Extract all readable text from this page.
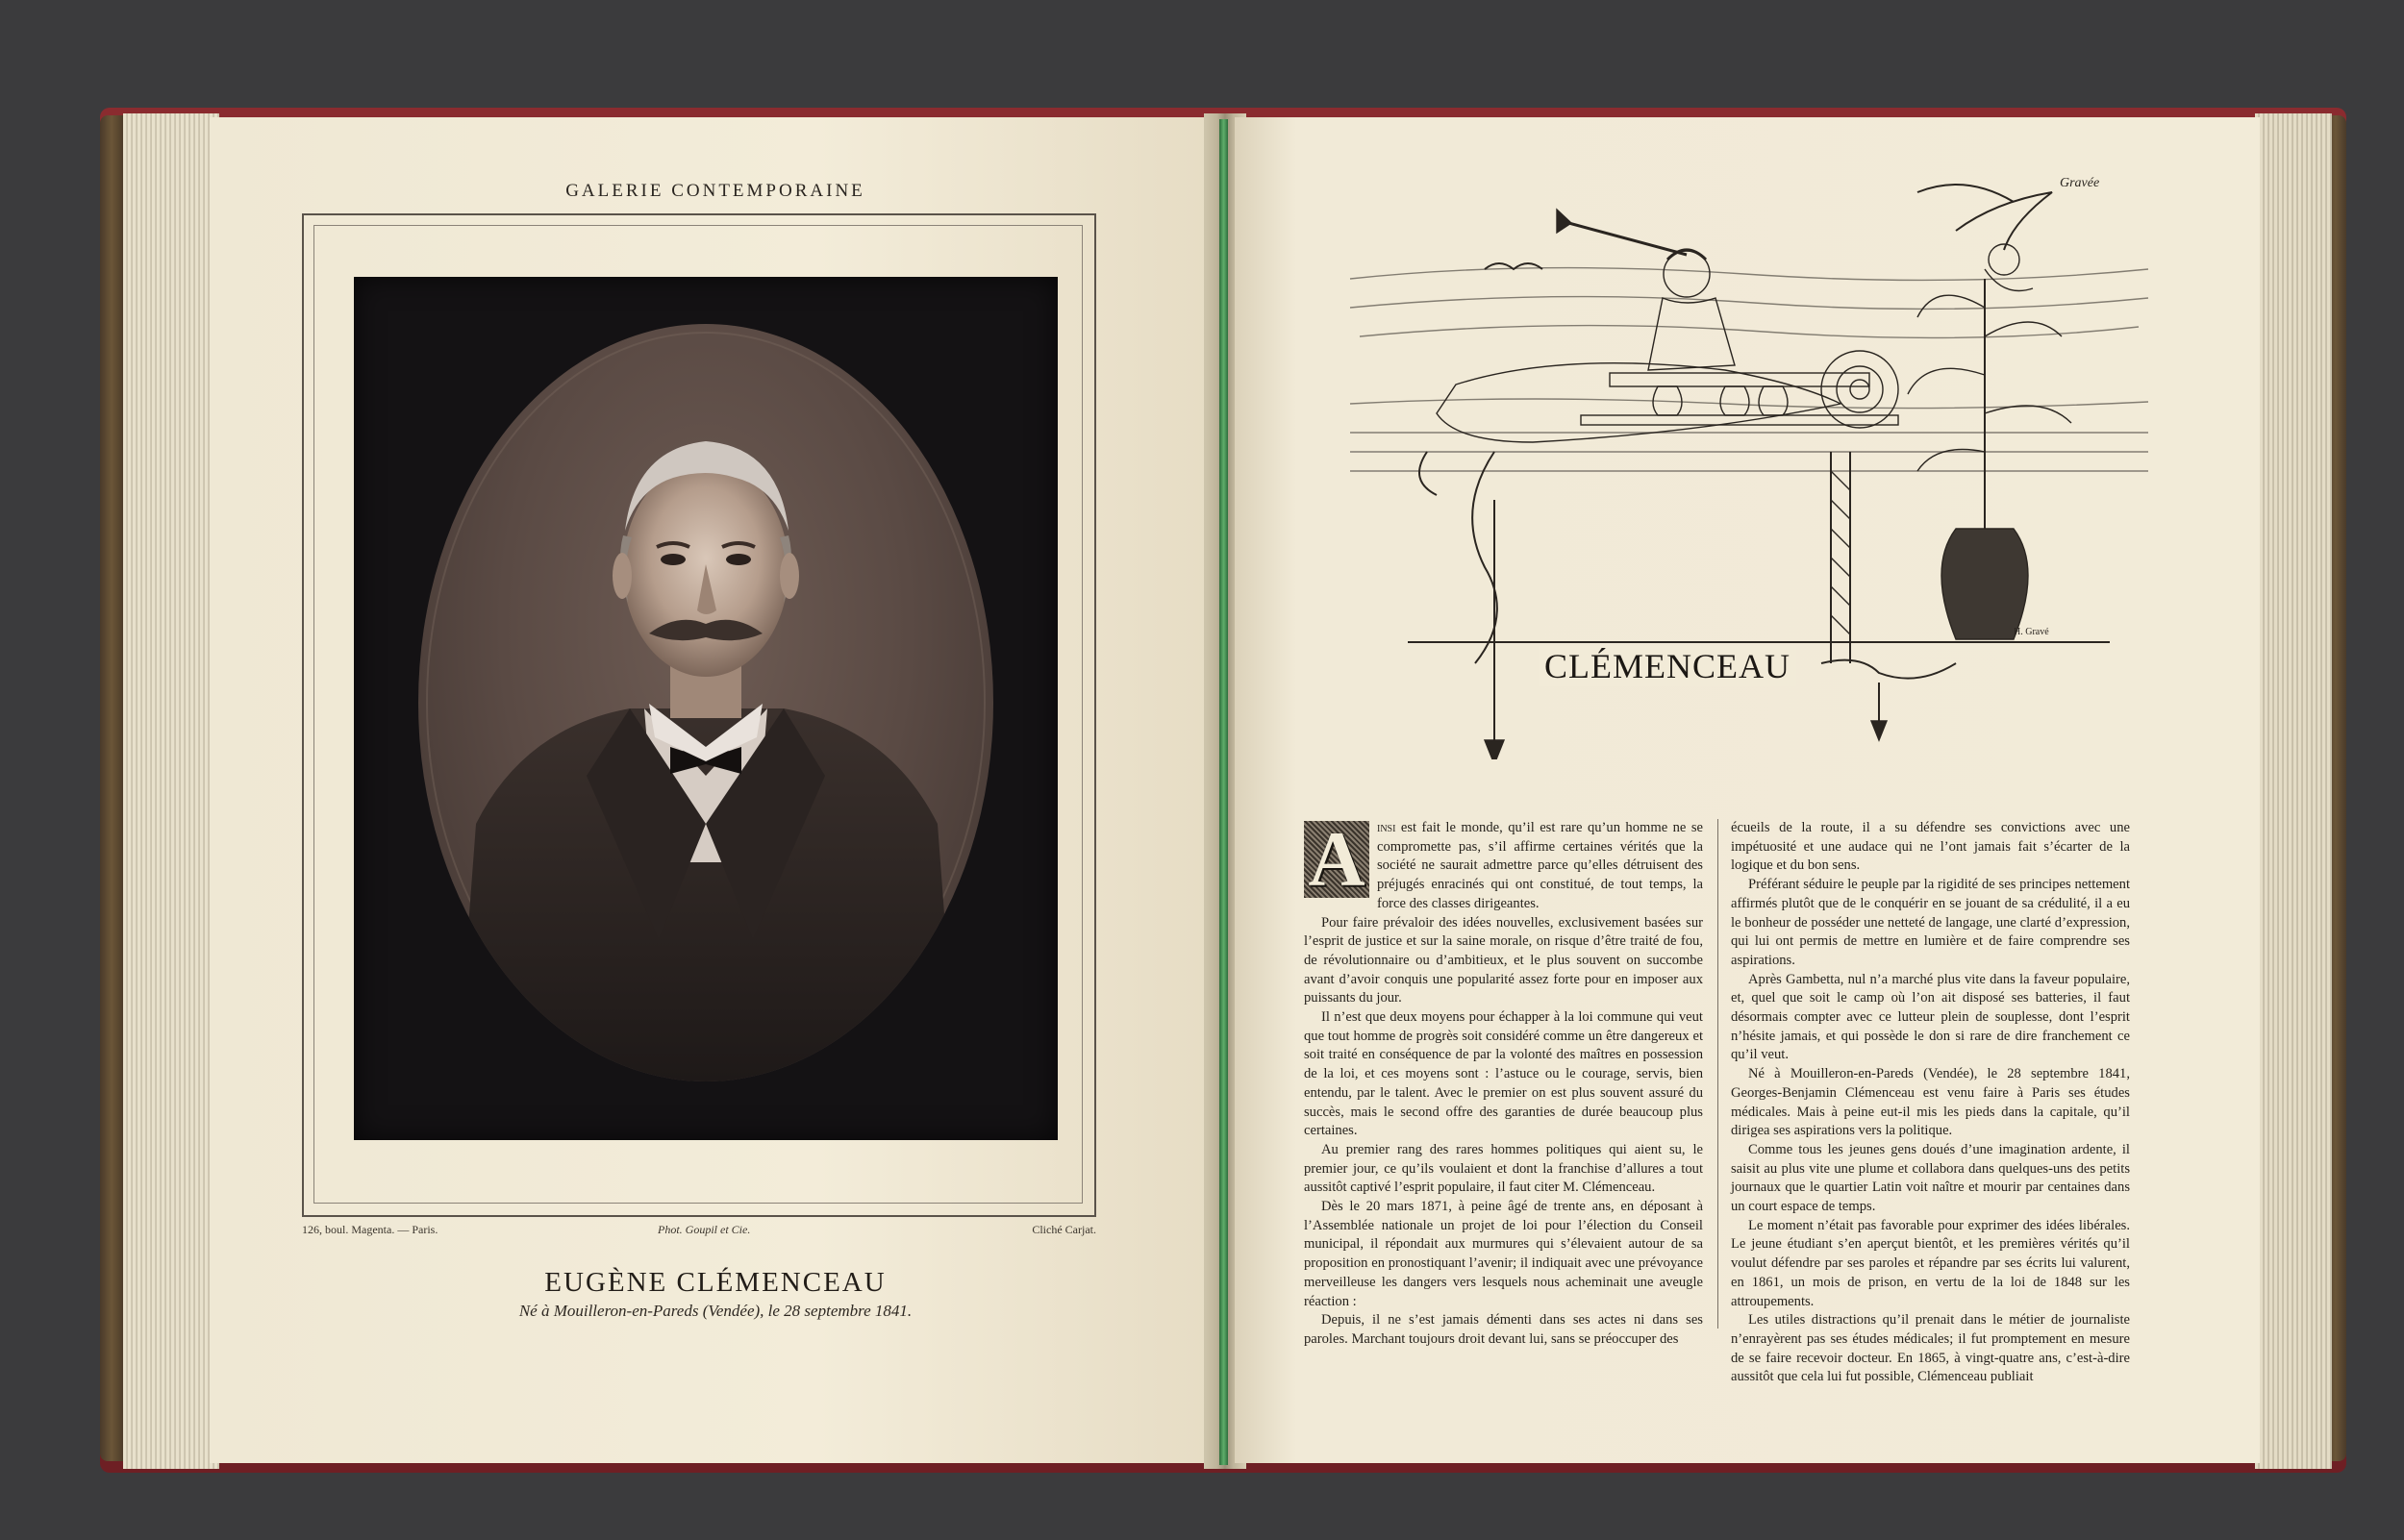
GALERIE CONTEMPORAINE
126, boul. Magenta. — Paris.	Phot. Goupil et Cie.	Cliché Carjat.
EUGÈNE CLÉMENCEAU
Né à Mouilleron-en-Pareds (Vendée), le 28 septembre 1841.
Gravée
H. Gravé
CLÉMENCEAU

A insi est fait le monde, qu’il est rare qu’un homme ne se compromette pas, s’il affirme certaines vérités que la société ne saurait admettre parce qu’elles détruisent des préjugés enracinés qui ont constitué, de tout temps, la force des classes dirigeantes.

Pour faire prévaloir des idées nouvelles, exclusivement basées sur l’esprit de justice et sur la saine morale, on risque d’être traité de fou, de révolutionnaire ou d’ambitieux, et le plus souvent on succombe avant d’avoir conquis une popularité assez forte pour en imposer aux puissants du jour.

Il n’est que deux moyens pour échapper à la loi commune qui veut que tout homme de progrès soit considéré comme un être dangereux et soit traité en conséquence de par la volonté des maîtres en possession de la loi, et ces moyens sont : l’astuce ou le courage, servis, bien entendu, par le talent. Avec le premier on est plus souvent assuré du succès, mais le second offre des garanties de durée beaucoup plus certaines.

Au premier rang des rares hommes politiques qui aient su, le premier jour, ce qu’ils voulaient et dont la franchise d’allures a tout aussitôt captivé l’esprit populaire, il faut citer M. Clémenceau.

Dès le 20 mars 1871, à peine âgé de trente ans, en déposant à l’Assemblée nationale un projet de loi pour l’élection du Conseil municipal, il répondait aux murmures qui s’élevaient autour de sa proposition en pronostiquant l’avenir; il indiquait avec une prévoyance merveilleuse les dangers vers lesquels nous acheminait une aveugle réaction :

Depuis, il ne s’est jamais démenti dans ses actes ni dans ses paroles. Marchant toujours droit devant lui, sans se préoccuper des

écueils de la route, il a su défendre ses convictions avec une impétuosité et une audace qui ne l’ont jamais fait s’écarter de la logique et du bon sens.

Préférant séduire le peuple par la rigidité de ses principes nettement affirmés plutôt que de le conquérir en se jouant de sa crédulité, il a eu le bonheur de posséder une netteté de langage, une clarté d’expression, qui lui ont permis de mettre en lumière et de faire comprendre ses aspirations.

Après Gambetta, nul n’a marché plus vite dans la faveur populaire, et, quel que soit le camp où l’on ait disposé ses batteries, il faut désormais compter avec ce lutteur plein de souplesse, dont l’esprit n’hésite jamais, et qui possède le don si rare de dire franchement ce qu’il veut.

Né à Mouilleron-en-Pareds (Vendée), le 28 septembre 1841, Georges-Benjamin Clémenceau est venu faire à Paris ses études médicales. Mais à peine eut-il mis les pieds dans la capitale, qu’il dirigea ses aspirations vers la politique.

Comme tous les jeunes gens doués d’une imagination ardente, il saisit au plus vite une plume et collabora dans quelques-uns des petits journaux que le quartier Latin voit naître et mourir par centaines dans un court espace de temps.

Le moment n’était pas favorable pour exprimer des idées libérales. Le jeune étudiant s’en aperçut bientôt, et les premières vérités qu’il voulut défendre par ses paroles et répandre par ses écrits lui valurent, en 1861, un mois de prison, en vertu de la loi de 1848 sur les attroupements.

Les utiles distractions qu’il prenait dans le métier de journaliste n’enrayèrent pas ses études médicales; il fut promptement en mesure de se faire recevoir docteur. En 1865, à vingt-quatre ans, c’est-à-dire aussitôt que cela lui fut possible, Clémenceau publiait
